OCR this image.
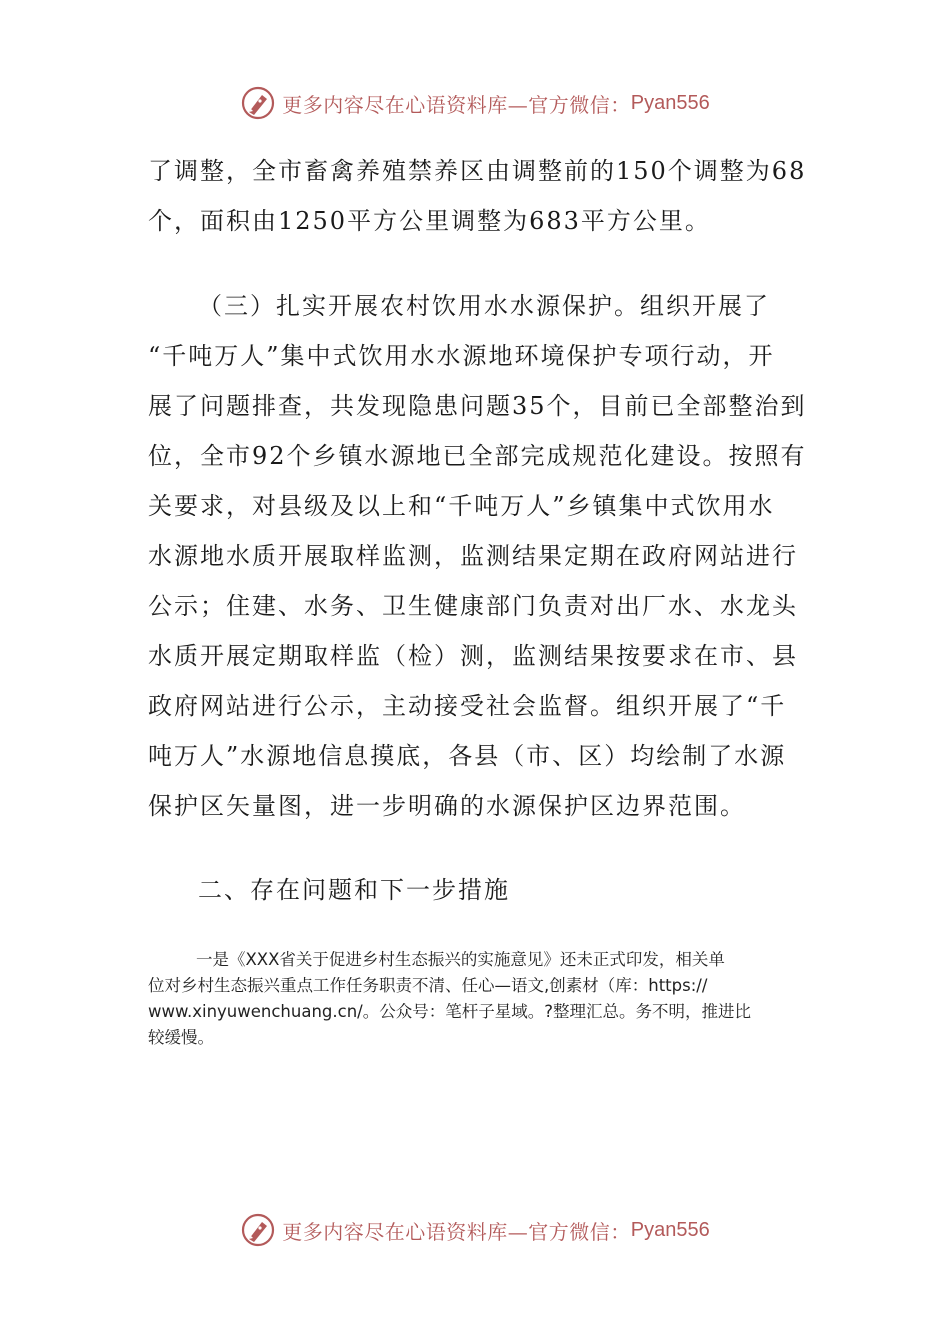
更多内容尽在心语资料库—官方微信： Pyan556
了调整，全市畜禽养殖禁养区由调整前的150个调整为68
个，面积由1250平方公里调整为683平方公里。
（三）扎实开展农村饮用水水源保护。组织开展了
“千吨万人”集中式饮用水水源地环境保护专项行动，开
展了问题排查，共发现隐患问题35个，目前已全部整治到
位，全市92个乡镇水源地已全部完成规范化建设。按照有
关要求，对县级及以上和“千吨万人”乡镇集中式饮用水
水源地水质开展取样监测，监测结果定期在政府网站进行
公示；住建、水务、卫生健康部门负责对出厂水、水龙头
水质开展定期取样监（检）测，监测结果按要求在市、县
政府网站进行公示，主动接受社会监督。组织开展了“千
吨万人”水源地信息摸底，各县（市、区）均绘制了水源
保护区矢量图，进一步明确的水源保护区边界范围。
二、存在问题和下一步措施
一是《XXX省关于促进乡村生态振兴的实施意见》还未正式印发，相关单
位对乡村生态振兴重点工作任务职责不清、任心—语文,创素材（库：https://
www.xinyuwenchuang.cn/。公众号：笔杆子星域。?整理汇总。务不明，推进比
较缓慢。
更多内容尽在心语资料库—官方微信： Pyan556
